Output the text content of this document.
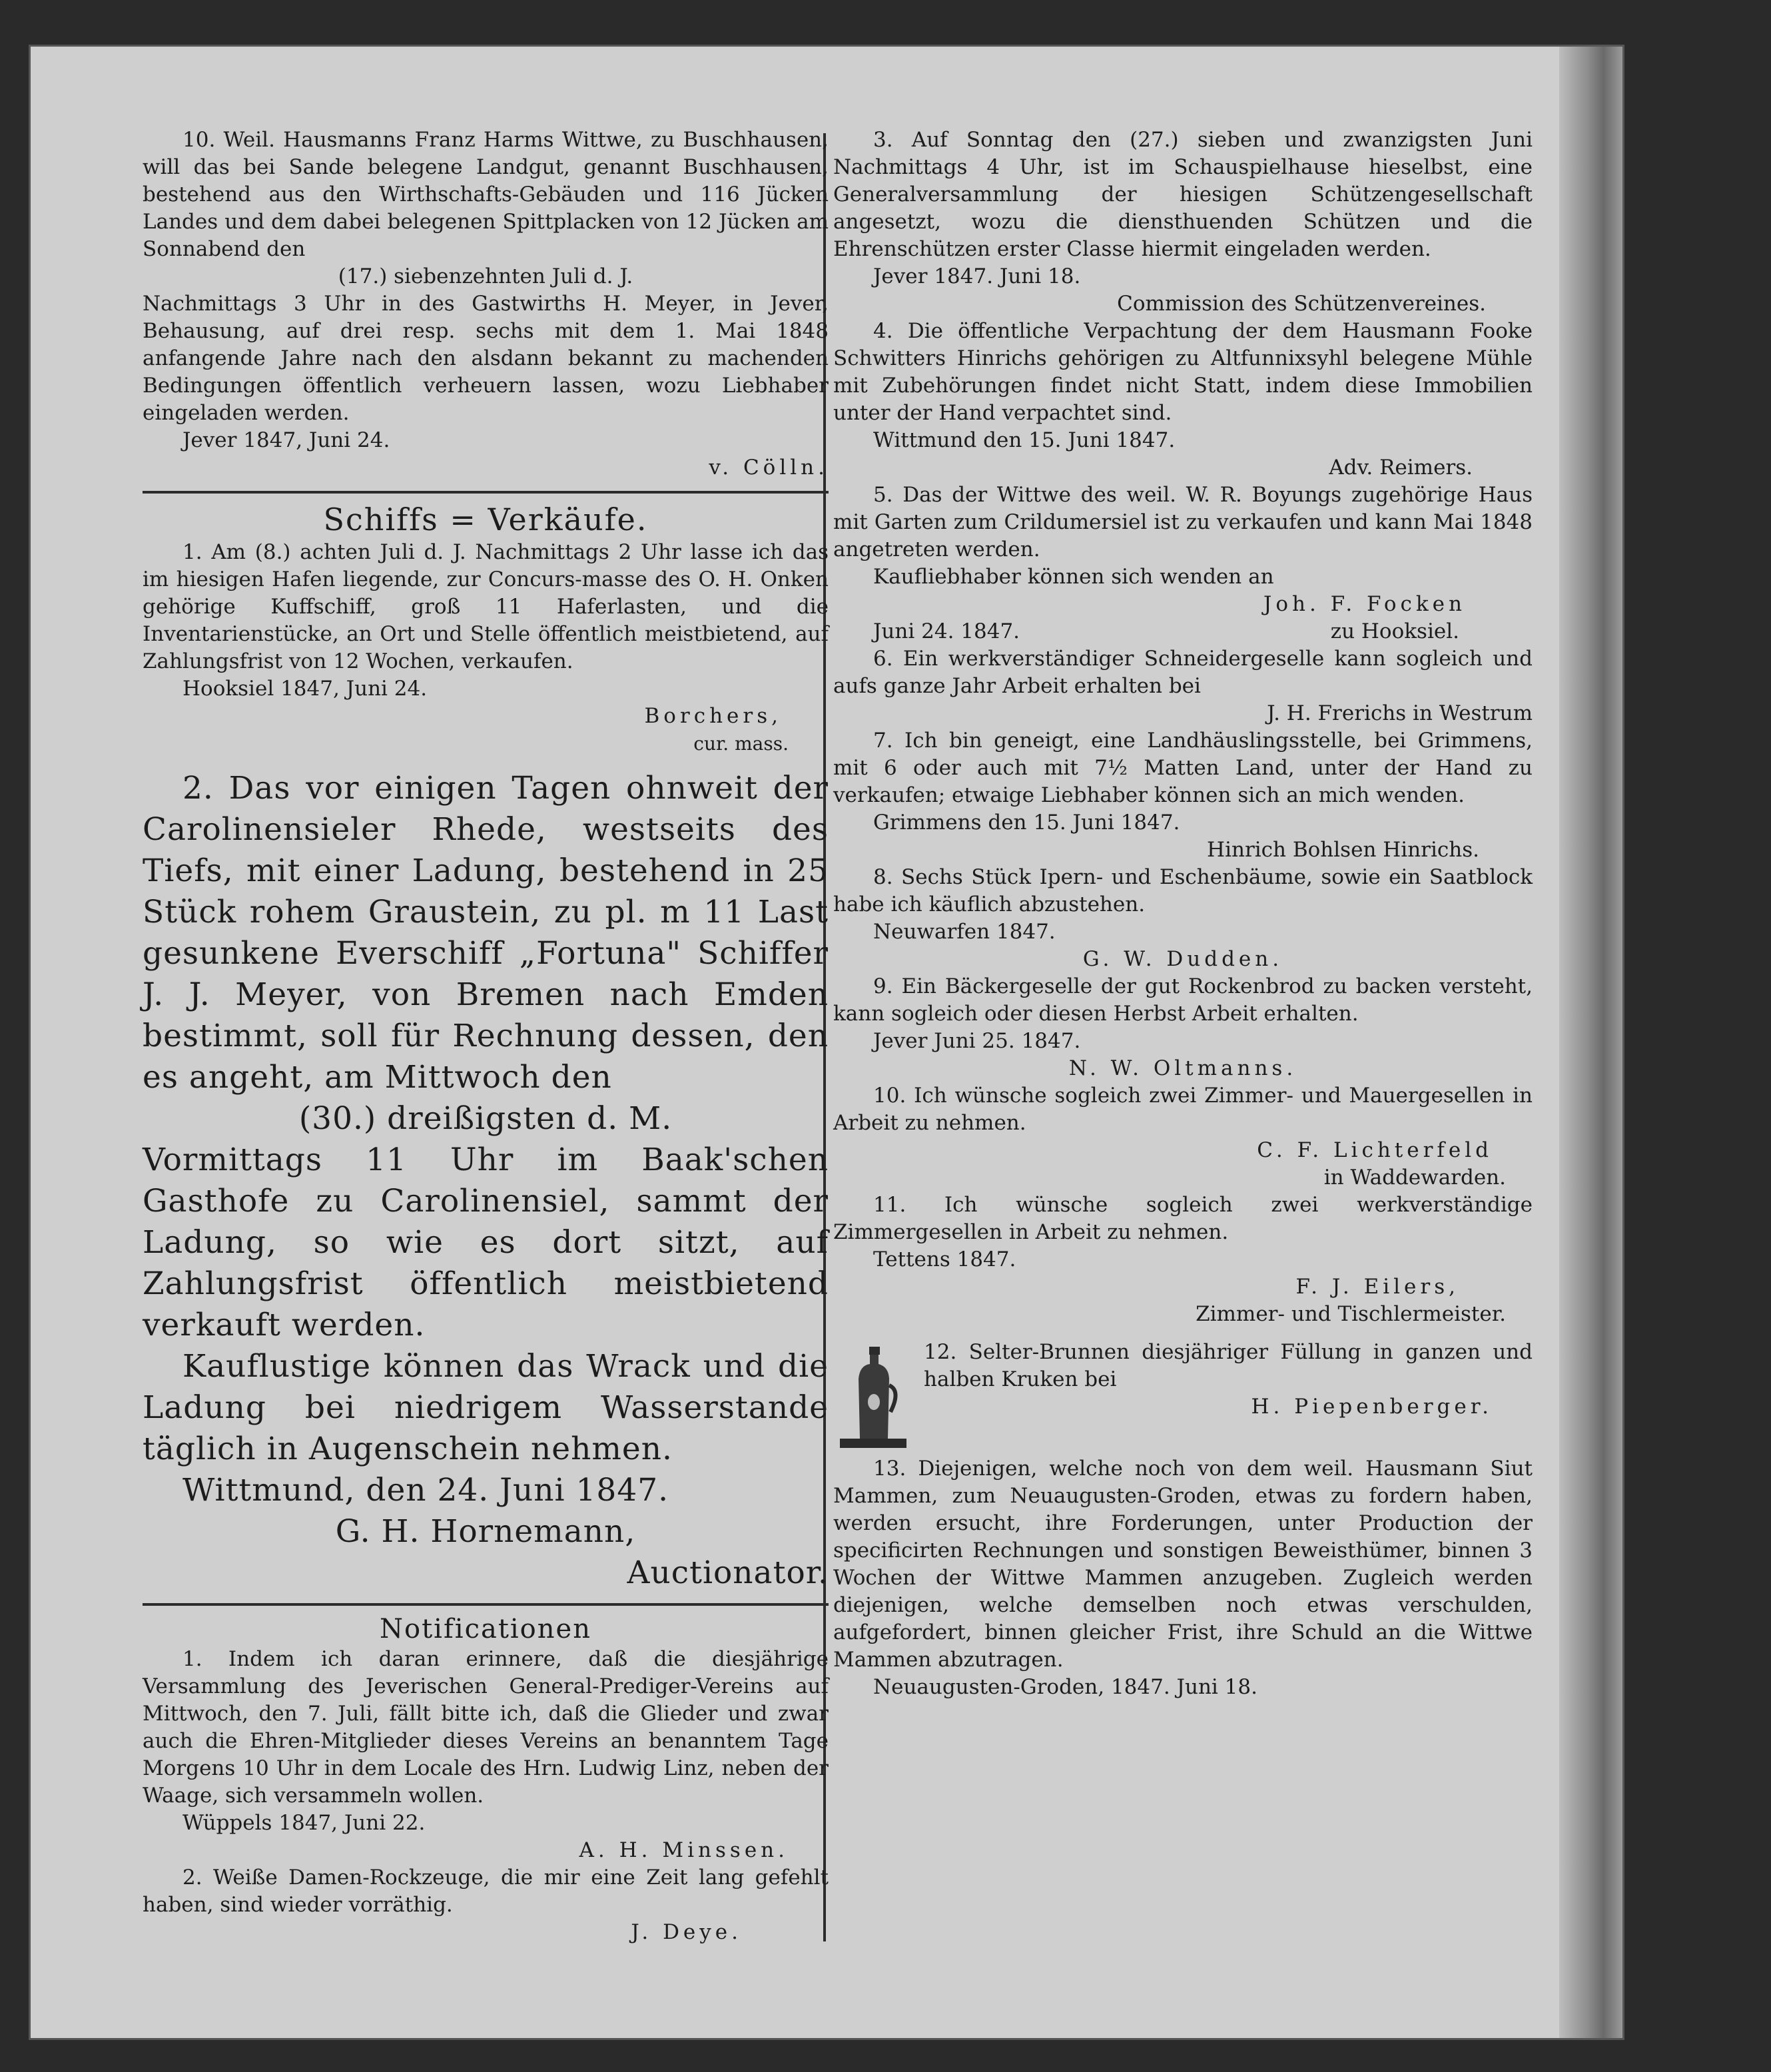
10. Weil. Hausmanns Franz Harms Wittwe, zu Buschhausen, will das bei Sande belegene Landgut, genannt Buschhausen, bestehend aus den Wirthschafts-Gebäuden und 116 Jücken Landes und dem dabei belegenen Spittplacken von 12 Jücken am Sonnabend den

(17.) siebenzehnten Juli d. J.

Nachmittags 3 Uhr in des Gastwirths H. Meyer, in Jever, Behausung, auf drei resp. sechs mit dem 1. Mai 1848 anfangende Jahre nach den alsdann bekannt zu machenden Bedingungen öffentlich verheuern lassen, wozu Liebhaber eingeladen werden.

Jever 1847, Juni 24.

v. Cölln.

Schiffs = Verkäufe.

1. Am (8.) achten Juli d. J. Nachmittags 2 Uhr lasse ich das im hiesigen Hafen liegende, zur Concurs-masse des O. H. Onken gehörige Kuffschiff, groß 11 Haferlasten, und die Inventarienstücke, an Ort und Stelle öffentlich meistbietend, auf Zahlungsfrist von 12 Wochen, verkaufen.

Hooksiel 1847, Juni 24.

Borchers,

cur. mass.

2. Das vor einigen Tagen ohnweit der Carolinensieler Rhede, westseits des Tiefs, mit einer Ladung, bestehend in 25 Stück rohem Graustein, zu pl. m 11 Last gesunkene Everschiff „Fortuna" Schiffer J. J. Meyer, von Bremen nach Emden bestimmt, soll für Rechnung dessen, den es angeht, am Mittwoch den

(30.) dreißigsten d. M.

Vormittags 11 Uhr im Baak'schen Gasthofe zu Carolinensiel, sammt der Ladung, so wie es dort sitzt, auf Zahlungsfrist öffentlich meistbietend verkauft werden.

Kauflustige können das Wrack und die Ladung bei niedrigem Wasserstande täglich in Augenschein nehmen.

Wittmund, den 24. Juni 1847.

G. H. Hornemann,

Auctionator.

Notificationen

1. Indem ich daran erinnere, daß die diesjährige Versammlung des Jeverischen General-Prediger-Vereins auf Mittwoch, den 7. Juli, fällt bitte ich, daß die Glieder und zwar auch die Ehren-Mitglieder dieses Vereins an benanntem Tage Morgens 10 Uhr in dem Locale des Hrn. Ludwig Linz, neben der Waage, sich versammeln wollen.

Wüppels 1847, Juni 22.

A. H. Minssen.

2. Weiße Damen-Rockzeuge, die mir eine Zeit lang gefehlt haben, sind wieder vorräthig.

J. Deye.

3. Auf Sonntag den (27.) sieben und zwanzigsten Juni Nachmittags 4 Uhr, ist im Schauspielhause hieselbst, eine Generalversammlung der hiesigen Schützengesellschaft angesetzt, wozu die diensthuenden Schützen und die Ehrenschützen erster Classe hiermit eingeladen werden.

Jever 1847. Juni 18.

Commission des Schützenvereines.

4. Die öffentliche Verpachtung der dem Hausmann Fooke Schwitters Hinrichs gehörigen zu Altfunnixsyhl belegene Mühle mit Zubehörungen findet nicht Statt, indem diese Immobilien unter der Hand verpachtet sind.

Wittmund den 15. Juni 1847.

Adv. Reimers.

5. Das der Wittwe des weil. W. R. Boyungs zugehörige Haus mit Garten zum Crildumersiel ist zu verkaufen und kann Mai 1848 angetreten werden.

Kaufliebhaber können sich wenden an

Joh. F. Focken

Juni 24. 1847.	zu Hooksiel.

6. Ein werkverständiger Schneidergeselle kann sogleich und aufs ganze Jahr Arbeit erhalten bei

J. H. Frerichs in Westrum

7. Ich bin geneigt, eine Landhäuslingsstelle, bei Grimmens, mit 6 oder auch mit 7½ Matten Land, unter der Hand zu verkaufen; etwaige Liebhaber können sich an mich wenden.

Grimmens den 15. Juni 1847.

Hinrich Bohlsen Hinrichs.

8. Sechs Stück Ipern- und Eschenbäume, sowie ein Saatblock habe ich käuflich abzustehen.

Neuwarfen 1847.

G. W. Dudden.

9. Ein Bäckergeselle der gut Rockenbrod zu backen versteht, kann sogleich oder diesen Herbst Arbeit erhalten.

Jever Juni 25. 1847.

N. W. Oltmanns.

10. Ich wünsche sogleich zwei Zimmer- und Mauergesellen in Arbeit zu nehmen.

C. F. Lichterfeld

in Waddewarden.

11. Ich wünsche sogleich zwei werkverständige Zimmergesellen in Arbeit zu nehmen.

Tettens 1847.

F. J. Eilers,

Zimmer- und Tischlermeister.

12. Selter-Brunnen diesjähriger Füllung in ganzen und halben Kruken bei

H. Piepenberger.

13. Diejenigen, welche noch von dem weil. Hausmann Siut Mammen, zum Neuaugusten-Groden, etwas zu fordern haben, werden ersucht, ihre Forderungen, unter Production der specificirten Rechnungen und sonstigen Beweisthümer, binnen 3 Wochen der Wittwe Mammen anzugeben. Zugleich werden diejenigen, welche demselben noch etwas verschulden, aufgefordert, binnen gleicher Frist, ihre Schuld an die Wittwe Mammen abzutragen.

Neuaugusten-Groden, 1847. Juni 18.
